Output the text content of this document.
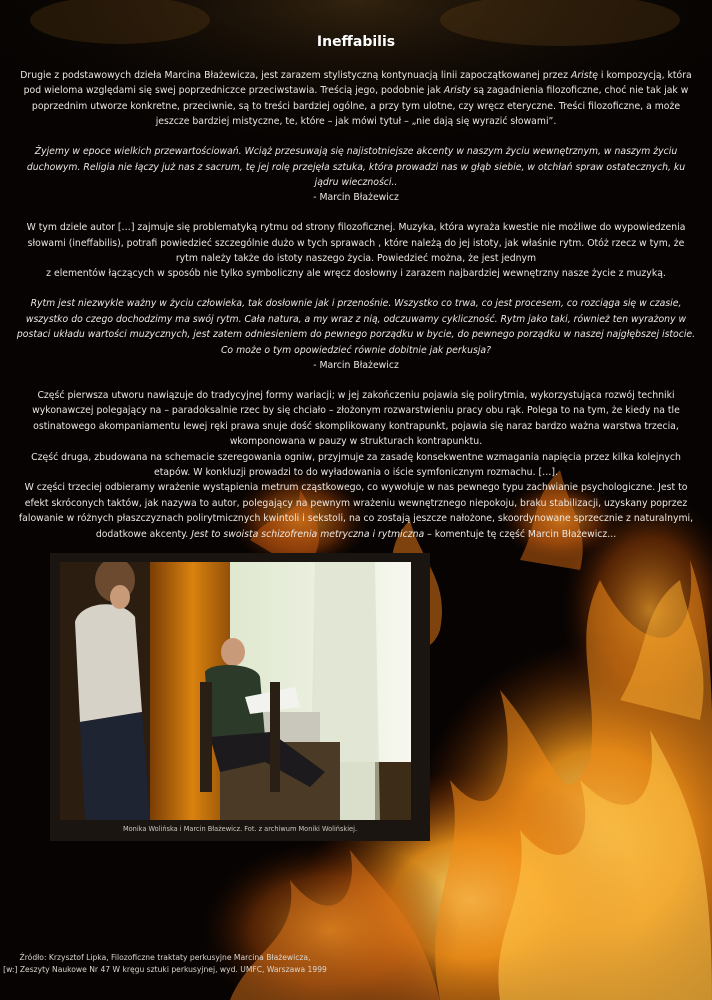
Ineffabilis

Drugie z podstawowych dzieła Marcina Błażewicza, jest zarazem stylistyczną kontynuacją linii zapoczątkowanej przez Aristę i kompozycją, która pod wieloma względami się swej poprzedniczce przeciwstawia. Treścią jego, podobnie jak Aristy są zagadnienia filozoficzne, choć nie tak jak w poprzednim utworze konkretne, przeciwnie, są to treści bardziej ogólne, a przy tym ulotne, czy wręcz eteryczne. Treści filozoficzne, a może jeszcze bardziej mistyczne, te, które – jak mówi tytuł – „nie dają się wyrazić słowami”.

Żyjemy w epoce wielkich przewartościowań. Wciąż przesuwają się najistotniejsze akcenty w naszym życiu wewnętrznym, w naszym życiu duchowym. Religia nie łączy już nas z sacrum, tę jej rolę przejęła sztuka, która prowadzi nas w głąb siebie, w otchłań spraw ostatecznych, ku jądru wieczności..
- Marcin Błażewicz

W tym dziele autor […] zajmuje się problematyką rytmu od strony filozoficznej. Muzyka, która wyraża kwestie nie możliwe do wypowiedzenia słowami (ineffabilis), potrafi powiedzieć szczególnie dużo w tych sprawach , które należą do jej istoty, jak właśnie rytm. Otóż rzecz w tym, że rytm należy także do istoty naszego życia. Powiedzieć można, że jest jednym
z elementów łączących w sposób nie tylko symboliczny ale wręcz dosłowny i zarazem najbardziej wewnętrzny nasze życie z muzyką.

Rytm jest niezwykle ważny w życiu człowieka, tak dosłownie jak i przenośnie. Wszystko co trwa, co jest procesem, co rozciąga się w czasie, wszystko do czego dochodzimy ma swój rytm. Cała natura, a my wraz z nią, odczuwamy cykliczność. Rytm jako taki, również ten wyrażony w postaci układu wartości muzycznych, jest zatem odniesieniem do pewnego porządku w bycie, do pewnego porządku w naszej najgłębszej istocie. Co może o tym opowiedzieć równie dobitnie jak perkusja?
- Marcin Błażewicz

Część pierwsza utworu nawiązuje do tradycyjnej formy wariacji; w jej zakończeniu pojawia się polirytmia, wykorzystująca rozwój techniki wykonawczej polegający na – paradoksalnie rzec by się chciało – złożonym rozwarstwieniu pracy obu rąk. Polega to na tym, że kiedy na tle ostinatowego akompaniamentu lewej ręki prawa snuje dość skomplikowany kontrapunkt, pojawia się naraz bardzo ważna warstwa trzecia, wkomponowana w pauzy w strukturach kontrapunktu.
Część druga, zbudowana na schemacie szeregowania ogniw, przyjmuje za zasadę konsekwentne wzmagania napięcia przez kilka kolejnych etapów. W konkluzji prowadzi to do wyładowania o iście symfonicznym rozmachu. […].
W części trzeciej odbieramy wrażenie wystąpienia metrum cząstkowego, co wywołuje w nas pewnego typu zachwianie psychologiczne. Jest to efekt skróconych taktów, jak nazywa to autor, polegający na pewnym wrażeniu wewnętrznego niepokoju, braku stabilizacji, uzyskany poprzez falowanie w różnych płaszczyznach polirytmicznych kwintoli i sekstoli, na co zostają jeszcze nałożone, skoordynowane sprzecznie z naturalnymi, dodatkowe akcenty. Jest to swoista schizofrenia metryczna i rytmiczna – komentuje tę część Marcin Błażewicz...

Monika Wolińska i Marcin Błażewicz. Fot. z archiwum Moniki Wolińskiej.
Źródło: Krzysztof Lipka, Filozoficzne traktaty perkusyjne Marcina Błażewicza,
[w:] Zeszyty Naukowe Nr 47 W kręgu sztuki perkusyjnej, wyd. UMFC, Warszawa 1999
